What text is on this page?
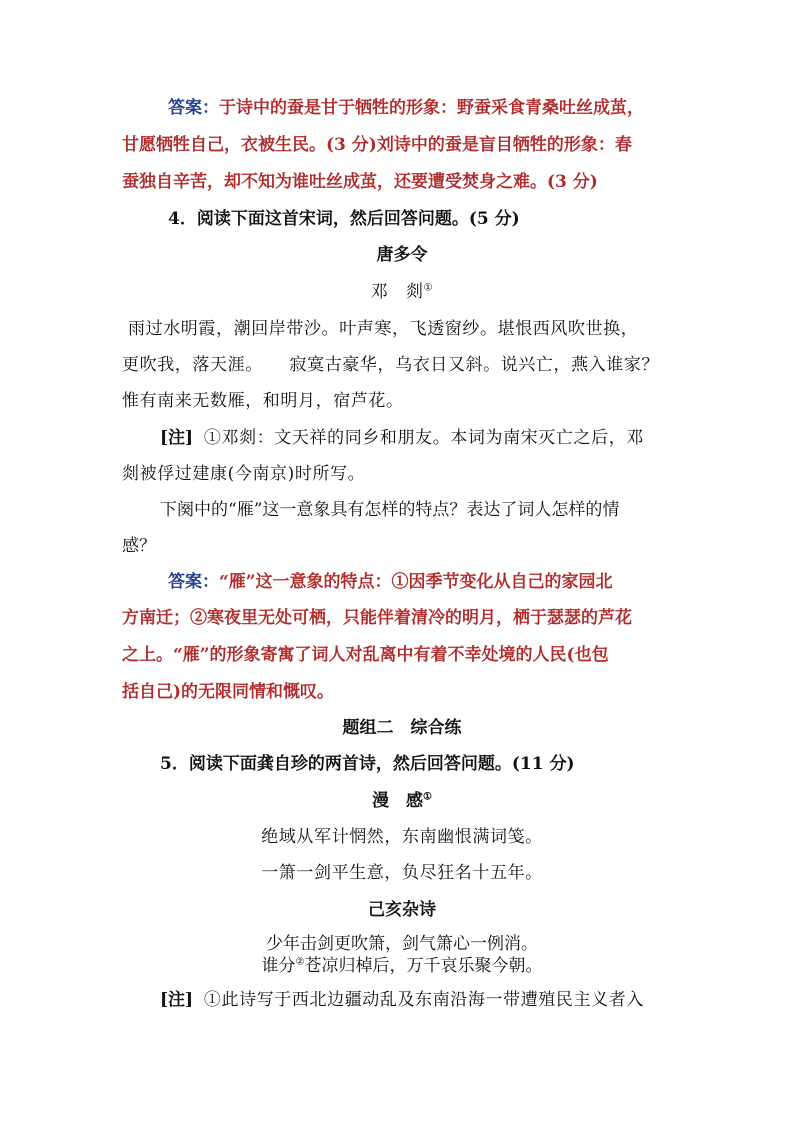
答案：于诗中的蚕是甘于牺牲的形象：野蚕采食青桑吐丝成茧，
甘愿牺牲自己，衣被生民。(3 分)刘诗中的蚕是盲目牺牲的形象：春
蚕独自辛苦，却不知为谁吐丝成茧，还要遭受焚身之难。(3 分)
4．阅读下面这首宋词，然后回答问题。(5 分)
唐多令
邓　剡①
雨过水明霞，潮回岸带沙。叶声寒，飞透窗纱。堪恨西风吹世换，
更吹我，落天涯。　　寂寞古豪华，乌衣日又斜。说兴亡，燕入谁家？
惟有南来无数雁，和明月，宿芦花。
[注] ①邓剡：文天祥的同乡和朋友。本词为南宋灭亡之后，邓
剡被俘过建康(今南京)时所写。
下阕中的“雁”这一意象具有怎样的特点？表达了词人怎样的情
感？
答案：“雁”这一意象的特点：①因季节变化从自己的家园北
方南迁；②寒夜里无处可栖，只能伴着清冷的明月，栖于瑟瑟的芦花
之上。“雁”的形象寄寓了词人对乱离中有着不幸处境的人民(也包
括自己)的无限同情和慨叹。
题组二　综合练
5．阅读下面龚自珍的两首诗，然后回答问题。(11 分)
漫　感①
绝域从军计惘然，东南幽恨满词笺。
一箫一剑平生意，负尽狂名十五年。
己亥杂诗
少年击剑更吹箫，剑气箫心一例消。
谁分②苍凉归棹后，万千哀乐聚今朝。
[注] ①此诗写于西北边疆动乱及东南沿海一带遭殖民主义者入
